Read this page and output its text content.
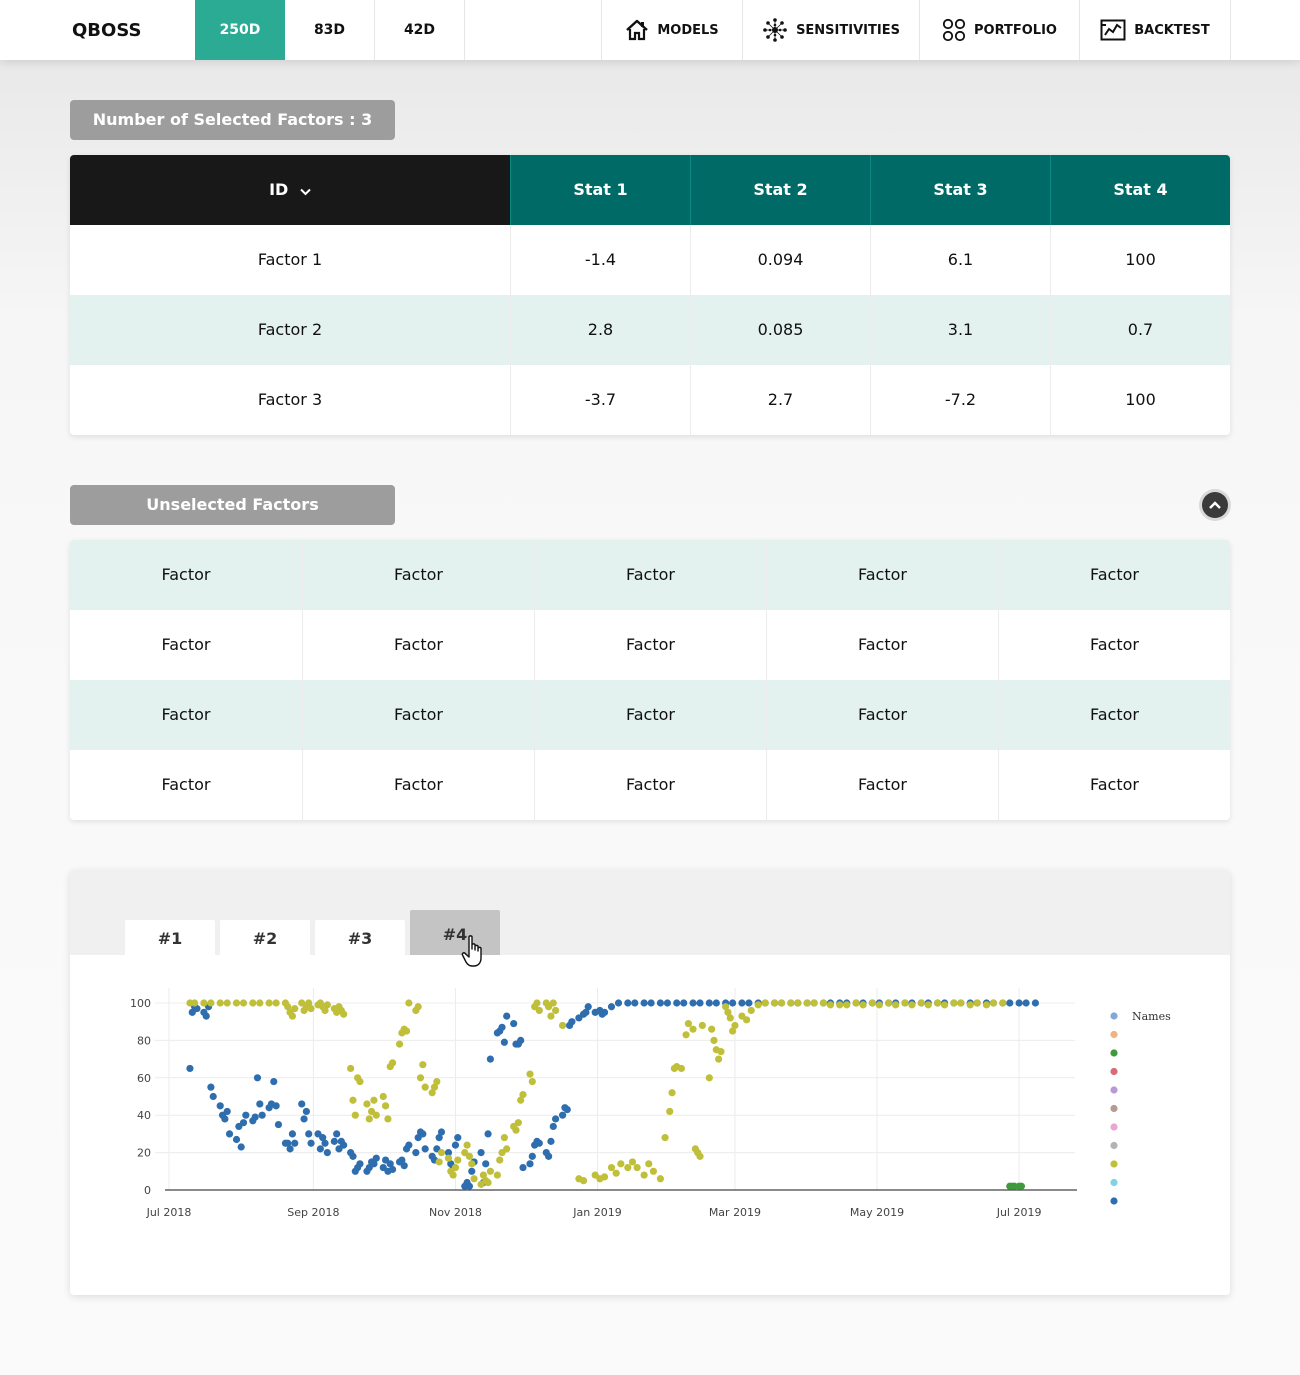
QBOSS	250D	83D	42D	MODELS	SENSITIVITIES	PORTFOLIO	BACKTEST
Number of Selected Factors : 3
ID	Stat 1	Stat 2	Stat 3	Stat 4
Factor 1	-1.4	0.094	6.1	100
Factor 2	2.8	0.085	3.1	0.7
Factor 3	-3.7	2.7	-7.2	100
Unselected Factors
Factor	Factor	Factor	Factor	Factor
Factor	Factor	Factor	Factor	Factor
Factor	Factor	Factor	Factor	Factor
Factor	Factor	Factor	Factor	Factor
#1	#2	#3	#4
0
20
40
60
80
100
Jul 2018	Sep 2018	Nov 2018	Jan 2019	Mar 2019	May 2019	Jul 2019
Names
